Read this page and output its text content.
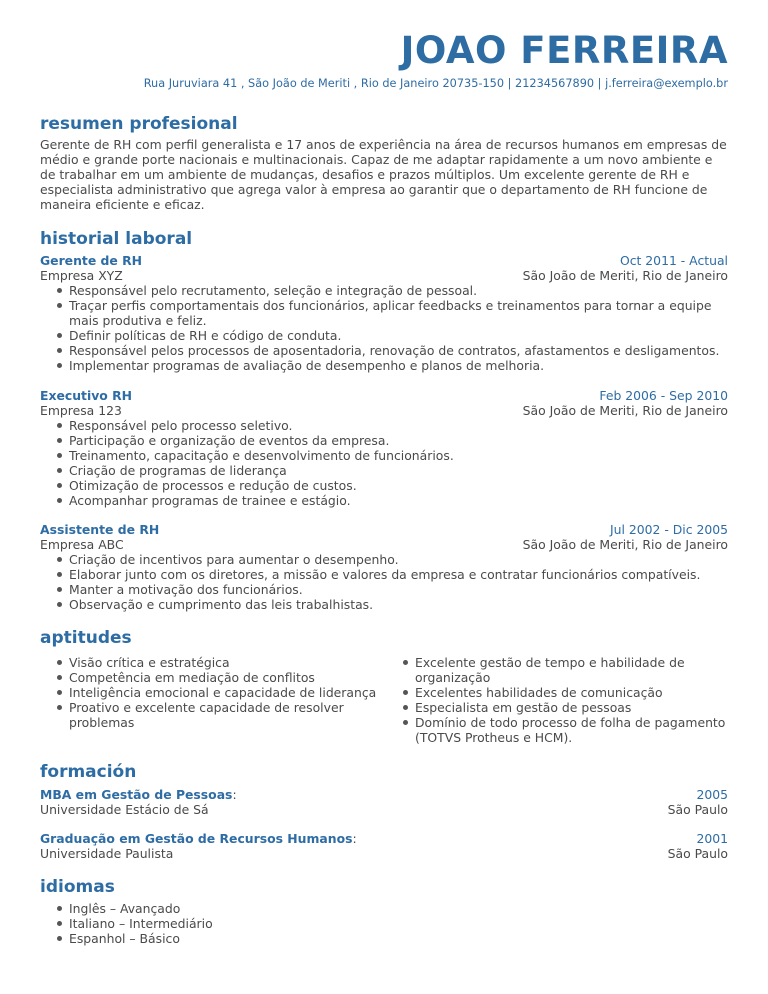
JOAO FERREIRA
Rua Juruviara 41 , São João de Meriti , Rio de Janeiro 20735-150 | 21234567890 | j.ferreira@exemplo.br
resumen profesional
Gerente de RH com perfil generalista e 17 anos de experiência na área de recursos humanos em empresas de médio e grande porte nacionais e multinacionais. Capaz de me adaptar rapidamente a um novo ambiente e de trabalhar em um ambiente de mudanças, desafios e prazos múltiplos. Um excelente gerente de RH e especialista administrativo que agrega valor à empresa ao garantir que o departamento de RH funcione de maneira eficiente e eficaz.
historial laboral
Gerente de RH	Oct 2011 - Actual
Empresa XYZ	São João de Meriti, Rio de Janeiro
Responsável pelo recrutamento, seleção e integração de pessoal.
Traçar perfis comportamentais dos funcionários, aplicar feedbacks e treinamentos para tornar a equipe mais produtiva e feliz.
Definir políticas de RH e código de conduta.
Responsável pelos processos de aposentadoria, renovação de contratos, afastamentos e desligamentos.
Implementar programas de avaliação de desempenho e planos de melhoria.
Executivo RH	Feb 2006 - Sep 2010
Empresa 123	São João de Meriti, Rio de Janeiro
Responsável pelo processo seletivo.
Participação e organização de eventos da empresa.
Treinamento, capacitação e desenvolvimento de funcionários.
Criação de programas de liderança
Otimização de processos e redução de custos.
Acompanhar programas de trainee e estágio.
Assistente de RH	Jul 2002 - Dic 2005
Empresa ABC	São João de Meriti, Rio de Janeiro
Criação de incentivos para aumentar o desempenho.
Elaborar junto com os diretores, a missão e valores da empresa e contratar funcionários compatíveis.
Manter a motivação dos funcionários.
Observação e cumprimento das leis trabalhistas.
aptitudes
Visão crítica e estratégica
Competência em mediação de conflitos
Inteligência emocional e capacidade de liderança
Proativo e excelente capacidade de resolver problemas
Excelente gestão de tempo e habilidade de organização
Excelentes habilidades de comunicação
Especialista em gestão de pessoas
Domínio de todo processo de folha de pagamento (TOTVS Protheus e HCM).
formación
MBA em Gestão de Pessoas:	2005
Universidade Estácio de Sá	São Paulo
Graduação em Gestão de Recursos Humanos:	2001
Universidade Paulista	São Paulo
idiomas
Inglês – Avançado
Italiano – Intermediário
Espanhol – Básico
